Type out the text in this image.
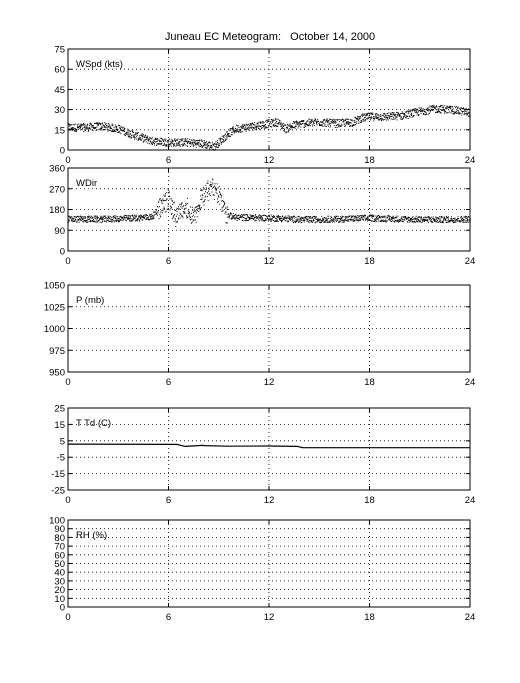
Juneau EC Meteogram:   October 14, 2000
0	6	12	18	24
0
15
30
45
60
75
WSpd (kts)
0	6	12	18	24
0
90
180
270
360
WDir
0	6	12	18	24
950
975
1000
1025
1050
P (mb)
0	6	12	18	24
-25
-15
-5
5
15
25
T Td (C)
0	6	12	18	24
0
10
20
30
40
50
60
70
80
90
100
RH (%)
